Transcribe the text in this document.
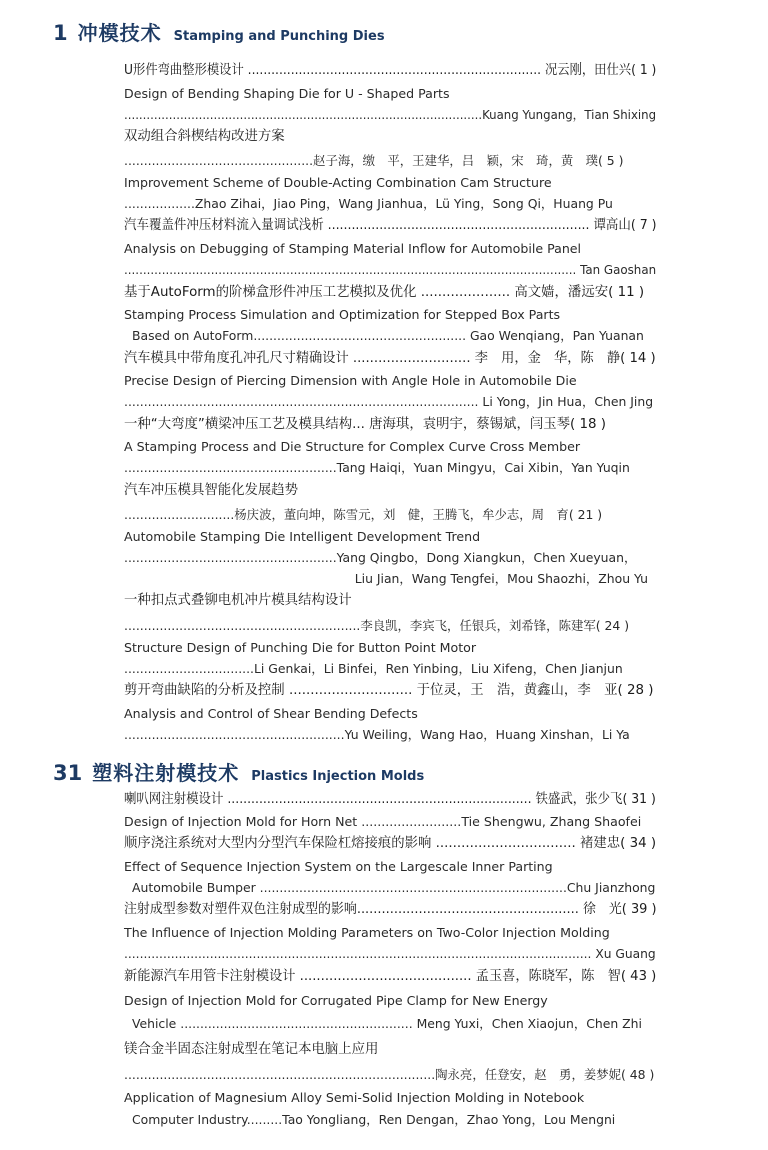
1 冲模技术 Stamping and Punching Dies
U形件弯曲整形模设计 ........................................................................... 况云刚，田仕兴( 1 )
Design of Bending Shaping Die for U - Shaped Parts
................................................................................................Kuang Yungang，Tian Shixing
双动组合斜楔结构改进方案
................................................赵子海，缴　平，王建华，吕　颖，宋　琦，黄　璞( 5 )
Improvement Scheme of Double-Acting Combination Cam Structure
..................Zhao Zihai，Jiao Ping，Wang Jianhua，Lü Ying，Song Qi，Huang Pu
汽车覆盖件冲压材料流入量调试浅析 .................................................................. 谭高山( 7 )
Analysis on Debugging of Stamping Material Inflow for Automobile Panel
........................................................................................................................ Tan Gaoshan
基于AutoForm的阶梯盒形件冲压工艺模拟及优化 ..................... 高文嫱，潘远安( 11 )
Stamping Process Simulation and Optimization for Stepped Box Parts
Based on AutoForm...................................................... Gao Wenqiang，Pan Yuanan
汽车模具中带角度孔冲孔尺寸精确设计 ............................ 李　用，金　华，陈　静( 14 )
Precise Design of Piercing Dimension with Angle Hole in Automobile Die
.......................................................................................... Li Yong，Jin Hua，Chen Jing
一种“大弯度”横梁冲压工艺及模具结构... 唐海琪，袁明宇，蔡锡斌，闫玉琴( 18 )
A Stamping Process and Die Structure for Complex Curve Cross Member
......................................................Tang Haiqi，Yuan Mingyu，Cai Xibin，Yan Yuqin
汽车冲压模具智能化发展趋势
............................杨庆波，董向坤，陈雪元，刘　健，王腾飞，牟少志，周　育( 21 )
Automobile Stamping Die Intelligent Development Trend
......................................................Yang Qingbo，Dong Xiangkun，Chen Xueyuan，
Liu Jian，Wang Tengfei，Mou Shaozhi，Zhou Yu
一种扣点式叠铆电机冲片模具结构设计
............................................................李良凯，李宾飞，任银兵，刘希锋，陈建军( 24 )
Structure Design of Punching Die for Button Point Motor
.................................Li Genkai，Li Binfei，Ren Yinbing，Liu Xifeng，Chen Jianjun
剪开弯曲缺陷的分析及控制 ............................. 于位灵，王　浩，黄鑫山，李　亚( 28 )
Analysis and Control of Shear Bending Defects
........................................................Yu Weiling，Wang Hao，Huang Xinshan，Li Ya
31 塑料注射模技术 Plastics Injection Molds
喇叭网注射模设计 ............................................................................. 铁盛武，张少飞( 31 )
Design of Injection Mold for Horn Net .........................Tie Shengwu, Zhang Shaofei
顺序浇注系统对大型内分型汽车保险杠熔接痕的影响 ................................. 褚建忠( 34 )
Effect of Sequence Injection System on the Largescale Inner Parting
Automobile Bumper ..............................................................................Chu Jianzhong
注射成型参数对塑件双色注射成型的影响...................................................... 徐　光( 39 )
The Influence of Injection Molding Parameters on Two-Color Injection Molding
........................................................................................................................ Xu Guang
新能源汽车用管卡注射模设计 ......................................... 孟玉喜，陈晓军，陈　智( 43 )
Design of Injection Mold for Corrugated Pipe Clamp for New Energy
Vehicle ........................................................... Meng Yuxi，Chen Xiaojun，Chen Zhi
镁合金半固态注射成型在笔记本电脑上应用
...............................................................................陶永亮，任登安，赵　勇，姜梦妮( 48 )
Application of Magnesium Alloy Semi-Solid Injection Molding in Notebook
Computer Industry.........Tao Yongliang，Ren Dengan，Zhao Yong，Lou Mengni
